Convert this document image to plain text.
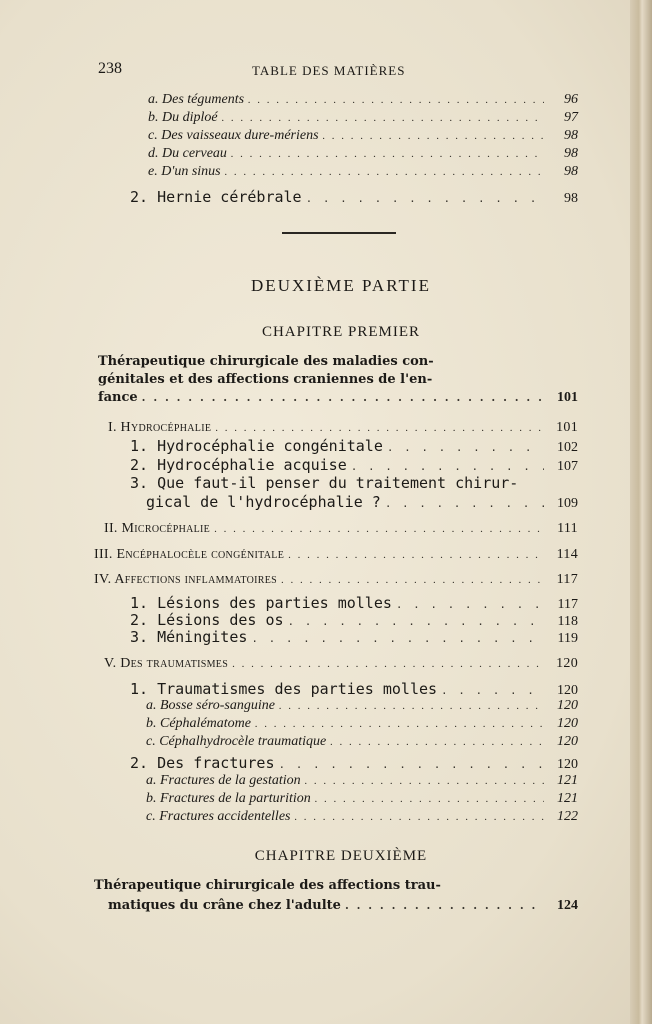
238	TABLE DES MATIÈRES
a. Des téguments . . .	96
b. Du diploé . . .	97
c. Des vaisseaux dure-mériens . . .	98
d. Du cerveau . . .	98
e. D'un sinus . . .	98
2. Hernie cérébrale . . .	98
DEUXIÈME PARTIE
CHAPITRE PREMIER
Thérapeutique chirurgicale des maladies con-
génitales et des affections craniennes de l'en-
fance . . .	101
I. Hydrocéphalie . . .	101
1. Hydrocéphalie congénitale . . .	102
2. Hydrocéphalie acquise . . .	107
3. Que faut-il penser du traitement chirur-
gical de l'hydrocéphalie ? . . .	109
II. Microcéphalie . . .	111
III. Encéphalocèle congénitale . . .	114
IV. Affections inflammatoires . . .	117
1. Lésions des parties molles . . .	117
2. Lésions des os . . .	118
3. Méningites . . .	119
V. Des traumatismes . . .	120
1. Traumatismes des parties molles . . .	120
a. Bosse séro-sanguine . . .	120
b. Céphalématome . . .	120
c. Céphalhydrocèle traumatique . . .	120
2. Des fractures . . .	120
a. Fractures de la gestation . . .	121
b. Fractures de la parturition . . .	121
c. Fractures accidentelles . . .	122
CHAPITRE DEUXIÈME
Thérapeutique chirurgicale des affections trau-
matiques du crâne chez l'adulte . . .	124
